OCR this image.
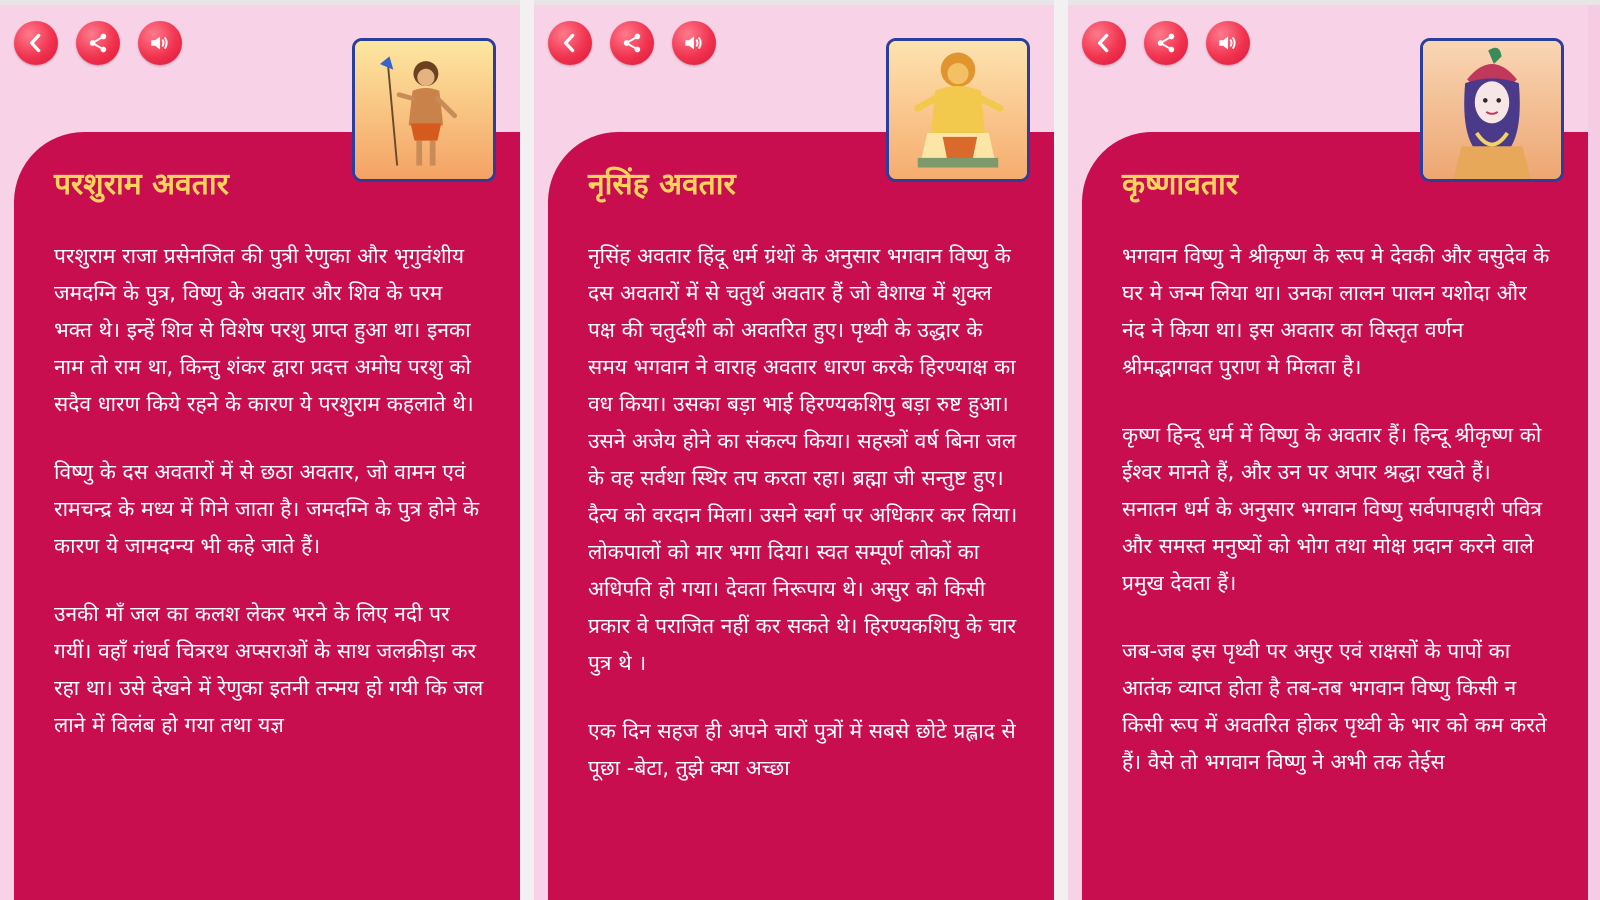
परशुराम अवतार

परशुराम राजा प्रसेनजित की पुत्री रेणुका और भृगुवंशीय जमदग्नि के पुत्र, विष्णु के अवतार और शिव के परम भक्त थे। इन्हें शिव से विशेष परशु प्राप्त हुआ था। इनका नाम तो राम था, किन्तु शंकर द्वारा प्रदत्त अमोघ परशु को सदैव धारण किये रहने के कारण ये परशुराम कहलाते थे।

विष्णु के दस अवतारों में से छठा अवतार, जो वामन एवं रामचन्द्र के मध्य में गिने जाता है। जमदग्नि के पुत्र होने के कारण ये जामदग्न्य भी कहे जाते हैं।

उनकी माँ जल का कलश लेकर भरने के लिए नदी पर गयीं। वहाँ गंधर्व चित्ररथ अप्सराओं के साथ जलक्रीड़ा कर रहा था। उसे देखने में रेणुका इतनी तन्मय हो गयी कि जल लाने में विलंब हो गया तथा यज्ञ

नृसिंह अवतार

नृसिंह अवतार हिंदू धर्म ग्रंथों के अनुसार भगवान विष्णु के दस अवतारों में से चतुर्थ अवतार हैं जो वैशाख में शुक्ल पक्ष की चतुर्दशी को अवतरित हुए। पृथ्वी के उद्धार के समय भगवान ने वाराह अवतार धारण करके हिरण्याक्ष का वध किया। उसका बड़ा भाई हिरण्यकशिपु बड़ा रुष्ट हुआ। उसने अजेय होने का संकल्प किया। सहस्त्रों वर्ष बिना जल के वह सर्वथा स्थिर तप करता रहा। ब्रह्मा जी सन्तुष्ट हुए। दैत्य को वरदान मिला। उसने स्वर्ग पर अधिकार कर लिया। लोकपालों को मार भगा दिया। स्वत सम्पूर्ण लोकों का अधिपति हो गया। देवता निरूपाय थे। असुर को किसी प्रकार वे पराजित नहीं कर सकते थे। हिरण्यकशिपु के चार पुत्र थे ।

एक दिन सहज ही अपने चारों पुत्रों में सबसे छोटे प्रह्लाद से पूछा -बेटा, तुझे क्या अच्छा

कृष्णावतार

भगवान विष्णु ने श्रीकृष्ण के रूप मे देवकी और वसुदेव के घर मे जन्म लिया था। उनका लालन पालन यशोदा और नंद ने किया था। इस अवतार का विस्तृत वर्णन श्रीमद्भागवत पुराण मे मिलता है।

कृष्ण हिन्दू धर्म में विष्णु के अवतार हैं। हिन्दू श्रीकृष्ण को ईश्वर मानते हैं, और उन पर अपार श्रद्धा रखते हैं। सनातन धर्म के अनुसार भगवान विष्णु सर्वपापहारी पवित्र और समस्त मनुष्यों को भोग तथा मोक्ष प्रदान करने वाले प्रमुख देवता हैं।

जब-जब इस पृथ्वी पर असुर एवं राक्षसों के पापों का आतंक व्याप्त होता है तब-तब भगवान विष्णु किसी न किसी रूप में अवतरित होकर पृथ्वी के भार को कम करते हैं। वैसे तो भगवान विष्णु ने अभी तक तेईस
